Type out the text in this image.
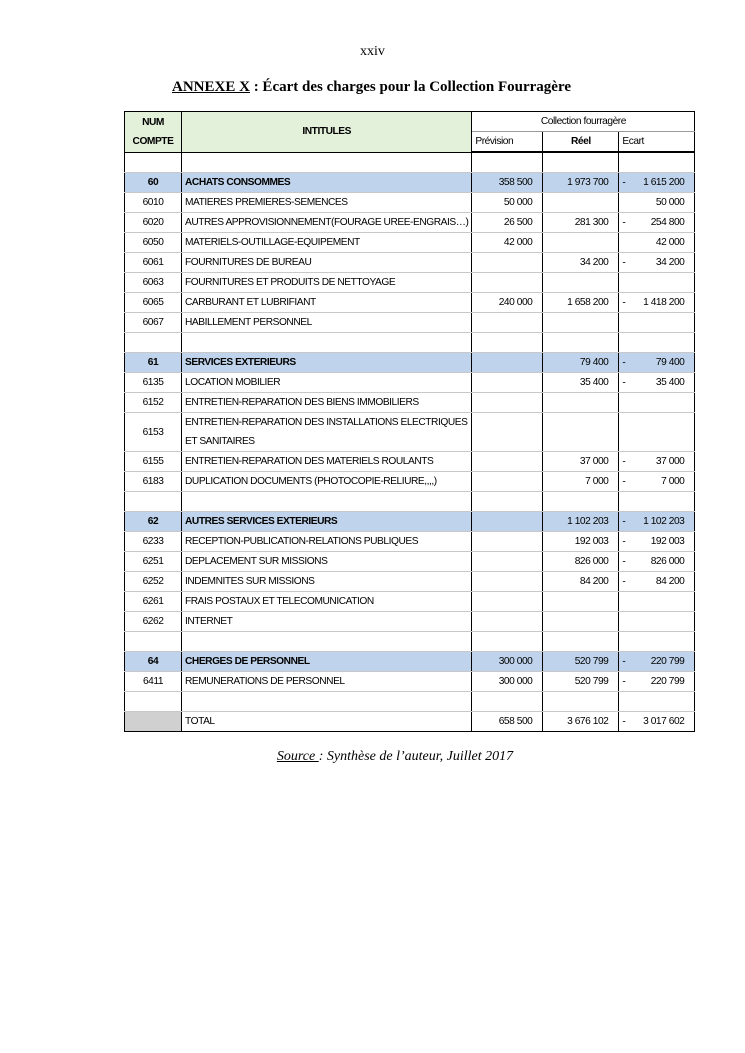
xxiv
ANNEXE X : Écart des charges pour la Collection Fourragère
NUM
COMPTE	INTITULES	Collection fourragère		
		Prévision	Réel	Ecart

60	ACHATS CONSOMMES	358 500	1 973 700	- 1 615 200
6010	MATIERES PREMIERES-SEMENCES	50 000		50 000
6020	AUTRES APPROVISIONNEMENT(FOURAGE UREE-ENGRAIS…)	26 500	281 300	- 254 800
6050	MATERIELS-OUTILLAGE-EQUIPEMENT	42 000		42 000
6061	FOURNITURES DE BUREAU		34 200	- 34 200
6063	FOURNITURES ET PRODUITS DE NETTOYAGE			

6065	CARBURANT ET LUBRIFIANT	240 000	1 658 200	- 1 418 200
6067	HABILLEMENT PERSONNEL			

61	SERVICES EXTERIEURS		79 400	- 79 400
6135	LOCATION MOBILIER		35 400	- 35 400
6152	ENTRETIEN-REPARATION DES BIENS IMMOBILIERS			

6153	ENTRETIEN-REPARATION DES INSTALLATIONS ELECTRIQUES ET SANITAIRES			

6155	ENTRETIEN-REPARATION DES MATERIELS ROULANTS		37 000	- 37 000
6183	DUPLICATION DOCUMENTS (PHOTOCOPIE-RELIURE,,,,)		7 000	- 7 000

62	AUTRES SERVICES EXTERIEURS		1 102 203	- 1 102 203
6233	RECEPTION-PUBLICATION-RELATIONS PUBLIQUES		192 003	- 192 003
6251	DEPLACEMENT SUR MISSIONS		826 000	- 826 000
6252	INDEMNITES SUR MISSIONS		84 200	- 84 200
6261	FRAIS POSTAUX ET TELECOMUNICATION			

6262	INTERNET			

64	CHERGES DE PERSONNEL	300 000	520 799	- 220 799
6411	REMUNERATIONS DE PERSONNEL	300 000	520 799	- 220 799

	TOTAL	658 500	3 676 102	- 3 017 602
Source : Synthèse de l’auteur, Juillet 2017
